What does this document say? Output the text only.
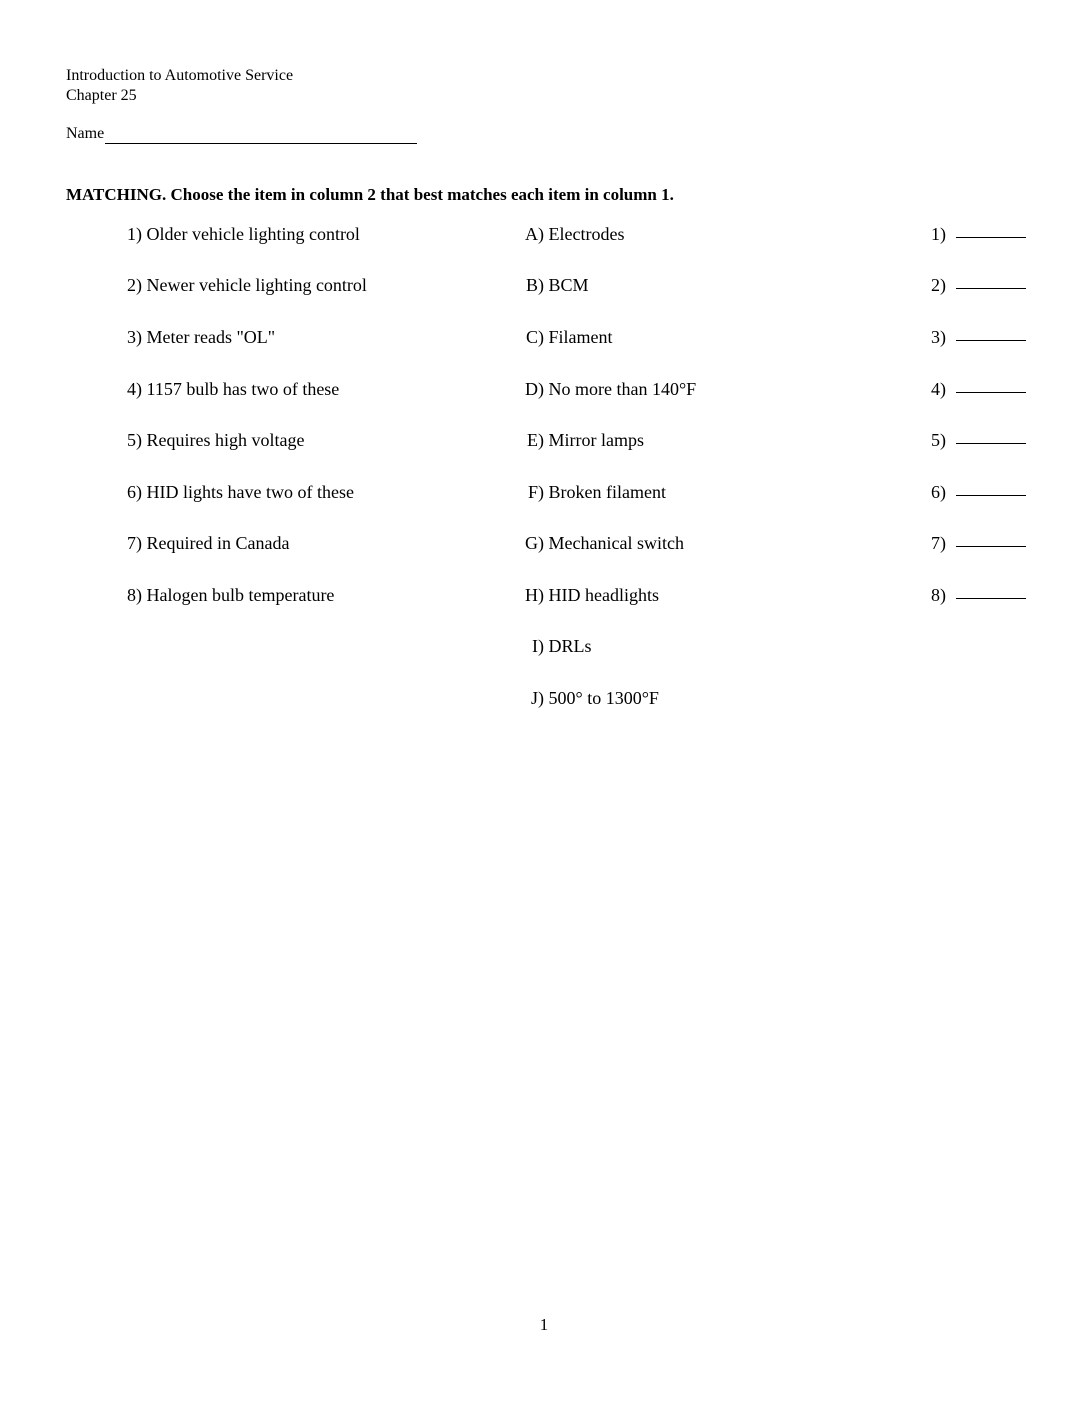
Introduction to Automotive Service
Chapter 25
Name
MATCHING. Choose the item in column 2 that best matches each item in column 1.
1) Older vehicle lighting control	A) Electrodes	1)
2) Newer vehicle lighting control	B) BCM	2)
3) Meter reads "OL"	C) Filament	3)
4) 1157 bulb has two of these	D) No more than 140°F	4)
5) Requires high voltage	E) Mirror lamps	5)
6) HID lights have two of these	F) Broken filament	6)
7) Required in Canada	G) Mechanical switch	7)
8) Halogen bulb temperature	H) HID headlights	8)
I) DRLs
J) 500° to 1300°F
1
